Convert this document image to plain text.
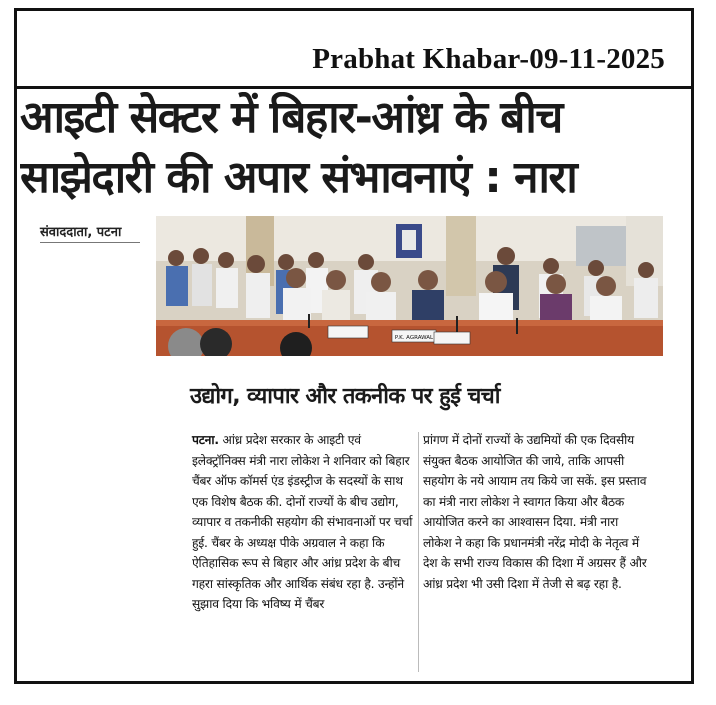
Prabhat Khabar-09-11-2025
आइटी सेक्टर में बिहार-आंध्र के बीच
साझेदारी की अपार संभावनाएं : नारा
संवाददाता, पटना
P.K. AGRAWAL
उद्योग, व्यापार और तकनीक पर हुई चर्चा

पटना. आंध्र प्रदेश सरकार के आइटी एवं इलेक्ट्रॉनिक्स मंत्री नारा लोकेश ने शनिवार को बिहार चैंबर ऑफ कॉमर्स एंड इंडस्ट्रीज के सदस्यों के साथ एक विशेष बैठक की. दोनों राज्यों के बीच उद्योग, व्यापार व तकनीकी सहयोग की संभावनाओं पर चर्चा हुई. चैंबर के अध्यक्ष पीके अग्रवाल ने कहा कि ऐतिहासिक रूप से बिहार और आंध्र प्रदेश के बीच गहरा सांस्कृतिक और आर्थिक संबंध रहा है. उन्होंने सुझाव दिया कि भविष्य में चैंबर

प्रांगण में दोनों राज्यों के उद्यमियों की एक दिवसीय संयुक्त बैठक आयोजित की जाये, ताकि आपसी सहयोग के नये आयाम तय किये जा सकें. इस प्रस्ताव का मंत्री नारा लोकेश ने स्वागत किया और बैठक आयोजित करने का आश्वासन दिया. मंत्री नारा लोकेश ने कहा कि प्रधानमंत्री नरेंद्र मोदी के नेतृत्व में देश के सभी राज्य विकास की दिशा में अग्रसर हैं और आंध्र प्रदेश भी उसी दिशा में तेजी से बढ़ रहा है.
